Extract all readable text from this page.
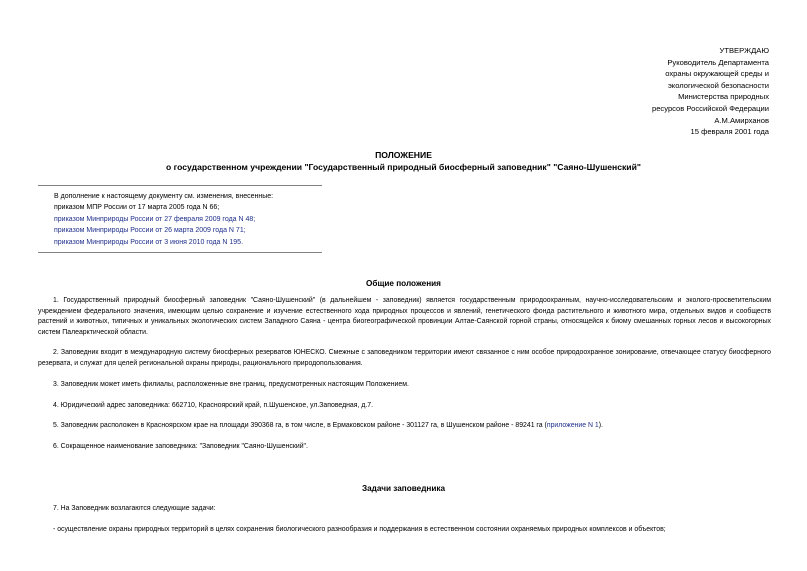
УТВЕРЖДАЮ
Руководитель Департамента
охраны окружающей среды и
экологической безопасности
Министерства природных
ресурсов Российской Федерации
А.М.Амирханов
15 февраля 2001 года
ПОЛОЖЕНИЕ
о государственном учреждении "Государственный природный биосферный заповедник" "Саяно-Шушенский"
В дополнение к настоящему документу см. изменения, внесенные:
приказом МПР России от 17 марта 2005 года N 66;
приказом Минприроды России от 27 февраля 2009 года N 48;
приказом Минприроды России от 26 марта 2009 года N 71;
приказом Минприроды России от 3 июня 2010 года N 195.
Общие положения
1. Государственный природный биосферный заповедник "Саяно-Шушенский" (в дальнейшем - заповедник) является государственным природоохранным, научно-исследовательским и эколого-просветительским учреждением федерального значения, имеющим целью сохранение и изучение естественного хода природных процессов и явлений, генетического фонда растительного и животного мира, отдельных видов и сообществ растений и животных, типичных и уникальных экологических систем Западного Саяна - центра биогеографической провинции Алтае-Саянской горной страны, относящейся к биому смешанных горных лесов и высокогорных систем Палеарктической области.
2. Заповедник входит в международную систему биосферных резерватов ЮНЕСКО. Смежные с заповедником территории имеют связанное с ним особое природоохранное зонирование, отвечающее статусу биосферного резервата, и служат для целей региональной охраны природы, рационального природопользования.
3. Заповедник может иметь филиалы, расположенные вне границ, предусмотренных настоящим Положением.
4. Юридический адрес заповедника: 662710, Красноярский край, п.Шушенское, ул.Заповедная, д.7.
5. Заповедник расположен в Красноярском крае на площади 390368 га, в том числе, в Ермаковском районе - 301127 га, в Шушенском районе - 89241 га (приложение N 1).
6. Сокращенное наименование заповедника: "Заповедник "Саяно-Шушенский".
Задачи заповедника
7. На Заповедник возлагаются следующие задачи:
- осуществление охраны природных территорий в целях сохранения биологического разнообразия и поддержания в естественном состоянии охраняемых природных комплексов и объектов;
